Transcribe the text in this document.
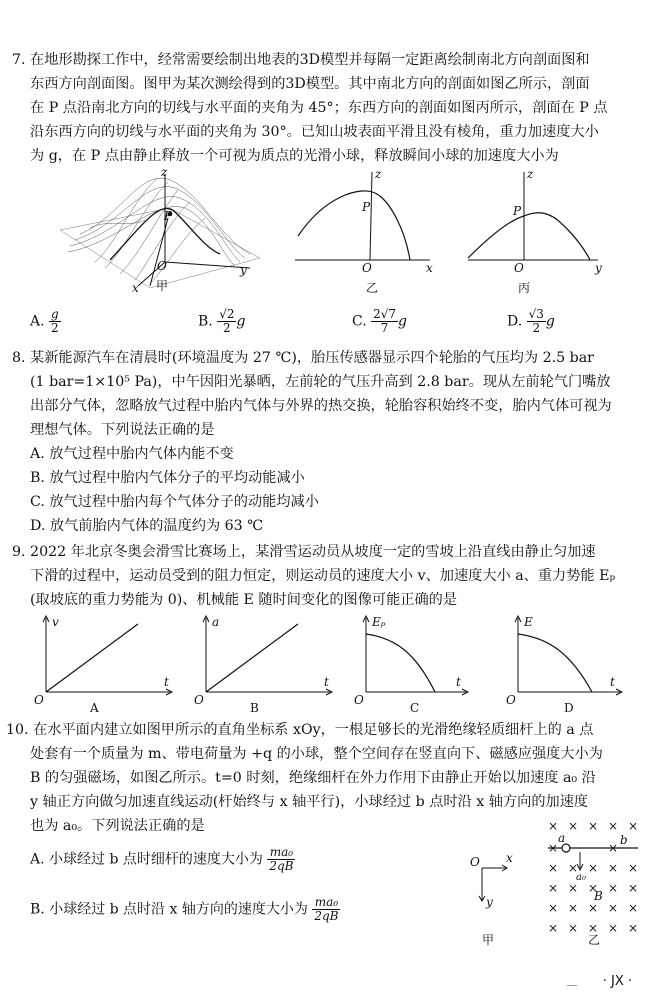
7. 在地形勘探工作中，经常需要绘制出地表的3D模型并每隔一定距离绘制南北方向剖面图和
东西方向剖面图。图甲为某次测绘得到的3D模型。其中南北方向的剖面如图乙所示，剖面
在 P 点沿南北方向的切线与水平面的夹角为 45°；东西方向的剖面如图丙所示，剖面在 P 点
沿东西方向的切线与水平面的夹角为 30°。已知山坡表面平滑且没有棱角，重力加速度大小
为 g，在 P 点由静止释放一个可视为质点的光滑小球，释放瞬间小球的加速度大小为
z
P
O	y
x 甲
z
P
O	x
乙
z
P
O	y
丙
A. $\frac{g}{2}$	B. $\frac{√2}{2}$ g	C. $\frac{2√7}{7}$ g	D. $\frac{√3}{2}$ g
8. 某新能源汽车在清晨时(环境温度为 27 ℃)，胎压传感器显示四个轮胎的气压均为 2.5 bar
(1 bar=1×10⁵ Pa)，中午因阳光暴晒，左前轮的气压升高到 2.8 bar。现从左前轮气门嘴放
出部分气体，忽略放气过程中胎内气体与外界的热交换，轮胎容积始终不变，胎内气体可视为
理想气体。下列说法正确的是
A. 放气过程中胎内气体内能不变
B. 放气过程中胎内气体分子的平均动能减小
C. 放气过程中胎内每个气体分子的动能均减小
D. 放气前胎内气体的温度约为 63 ℃
9. 2022 年北京冬奥会滑雪比赛场上，某滑雪运动员从坡度一定的雪坡上沿直线由静止匀加速
下滑的过程中，运动员受到的阻力恒定，则运动员的速度大小 v、加速度大小 a、重力势能 Eₚ
(取坡底的重力势能为 0)、机械能 E 随时间变化的图像可能正确的是
v
t
O
A
a
t
O
B
Eₚ
t
O
C
E
t
O
D
10. 在水平面内建立如图甲所示的直角坐标系 xOy，一根足够长的光滑绝缘轻质细杆上的 a 点
处套有一个质量为 m、带电荷量为 +q 的小球，整个空间存在竖直向下、磁感应强度大小为
B 的匀强磁场，如图乙所示。t=0 时刻，绝缘细杆在外力作用下由静止开始以加速度 a₀ 沿
y 轴正方向做匀加速直线运动(杆始终与 x 轴平行)，小球经过 b 点时沿 x 轴方向的加速度
也为 a₀。下列说法正确的是
A. 小球经过 b 点时细杆的速度大小为 $\frac{\text{ma₀}}{2qB}$
B. 小球经过 b 点时沿 x 轴方向的速度大小为 $\frac{\text{ma₀}}{2qB}$
O x
y
甲
× × × × ×
×	×
× × × × ×
× × × × ×
× × × × ×
× × × × ×
a	b
a₀
B
乙
· JX ·
